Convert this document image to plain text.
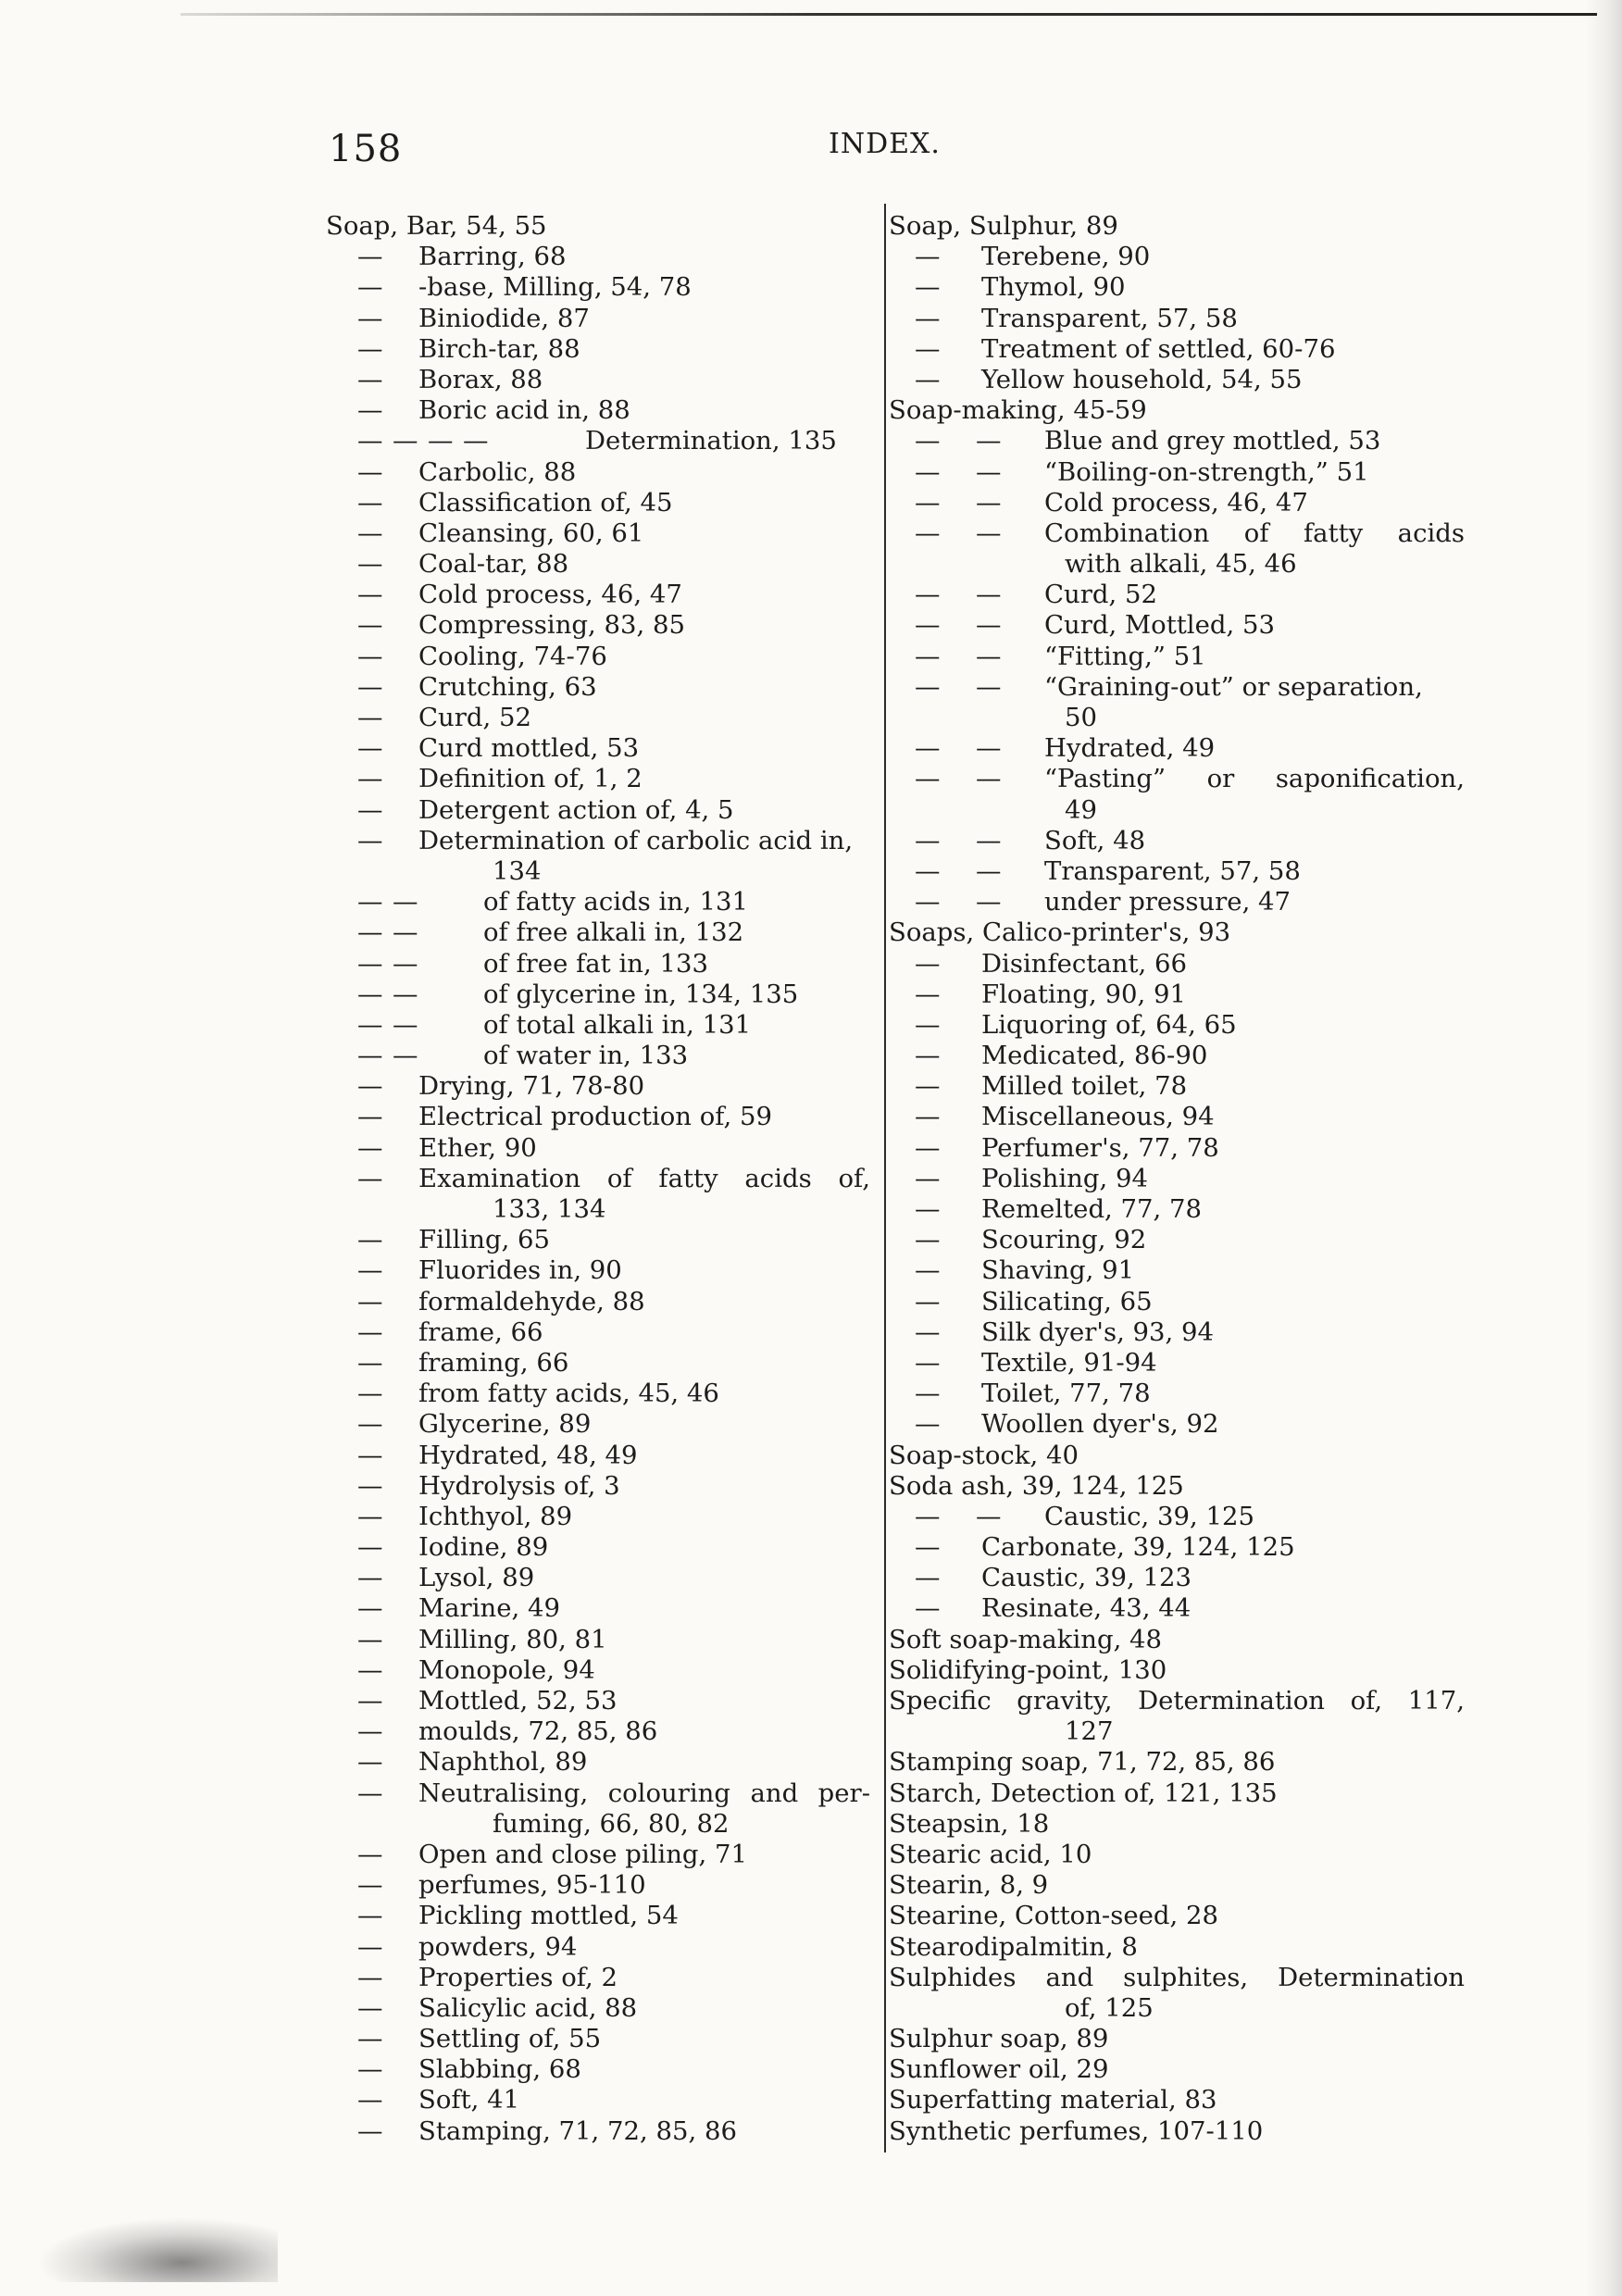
158	INDEX.
Soap, Bar, 54, 55
— Barring, 68
— -base, Milling, 54, 78
— Biniodide, 87
— Birch-tar, 88
— Borax, 88
— Boric acid in, 88
— — — —	Determination, 135
— Carbolic, 88
— Classification of, 45
— Cleansing, 60, 61
— Coal-tar, 88
— Cold process, 46, 47
— Compressing, 83, 85
— Cooling, 74-76
— Crutching, 63
— Curd, 52
— Curd mottled, 53
— Definition of, 1, 2
— Detergent action of, 4, 5
— Determination of carbolic acid in,
134
— —	of fatty acids in, 131
— —	of free alkali in, 132
— —	of free fat in, 133
— —	of glycerine in, 134, 135
— —	of total alkali in, 131
— —	of water in, 133
— Drying, 71, 78-80
— Electrical production of, 59
— Ether, 90
— Examination of fatty acids of,
133, 134
— Filling, 65
— Fluorides in, 90
— formaldehyde, 88
— frame, 66
— framing, 66
— from fatty acids, 45, 46
— Glycerine, 89
— Hydrated, 48, 49
— Hydrolysis of, 3
— Ichthyol, 89
— Iodine, 89
— Lysol, 89
— Marine, 49
— Milling, 80, 81
— Monopole, 94
— Mottled, 52, 53
— moulds, 72, 85, 86
— Naphthol, 89
— Neutralising, colouring and per-
fuming, 66, 80, 82
— Open and close piling, 71
— perfumes, 95-110
— Pickling mottled, 54
— powders, 94
— Properties of, 2
— Salicylic acid, 88
— Settling of, 55
— Slabbing, 68
— Soft, 41
— Stamping, 71, 72, 85, 86
Soap, Sulphur, 89
— Terebene, 90
— Thymol, 90
— Transparent, 57, 58
— Treatment of settled, 60-76
— Yellow household, 54, 55
Soap-making, 45-59
— — Blue and grey mottled, 53
— — “Boiling-on-strength,” 51
— — Cold process, 46, 47
— — Combination of fatty acids
with alkali, 45, 46
— — Curd, 52
— — Curd, Mottled, 53
— — “Fitting,” 51
— — “Graining-out” or separation,
50
— — Hydrated, 49
— — “Pasting” or saponification,
49
— — Soft, 48
— — Transparent, 57, 58
— — under pressure, 47
Soaps, Calico-printer's, 93
— Disinfectant, 66
— Floating, 90, 91
— Liquoring of, 64, 65
— Medicated, 86-90
— Milled toilet, 78
— Miscellaneous, 94
— Perfumer's, 77, 78
— Polishing, 94
— Remelted, 77, 78
— Scouring, 92
— Shaving, 91
— Silicating, 65
— Silk dyer's, 93, 94
— Textile, 91-94
— Toilet, 77, 78
— Woollen dyer's, 92
Soap-stock, 40
Soda ash, 39, 124, 125
— — Caustic, 39, 125
— Carbonate, 39, 124, 125
— Caustic, 39, 123
— Resinate, 43, 44
Soft soap-making, 48
Solidifying-point, 130
Specific gravity, Determination of, 117,
127
Stamping soap, 71, 72, 85, 86
Starch, Detection of, 121, 135
Steapsin, 18
Stearic acid, 10
Stearin, 8, 9
Stearine, Cotton-seed, 28
Stearodipalmitin, 8
Sulphides and sulphites, Determination
of, 125
Sulphur soap, 89
Sunflower oil, 29
Superfatting material, 83
Synthetic perfumes, 107-110
